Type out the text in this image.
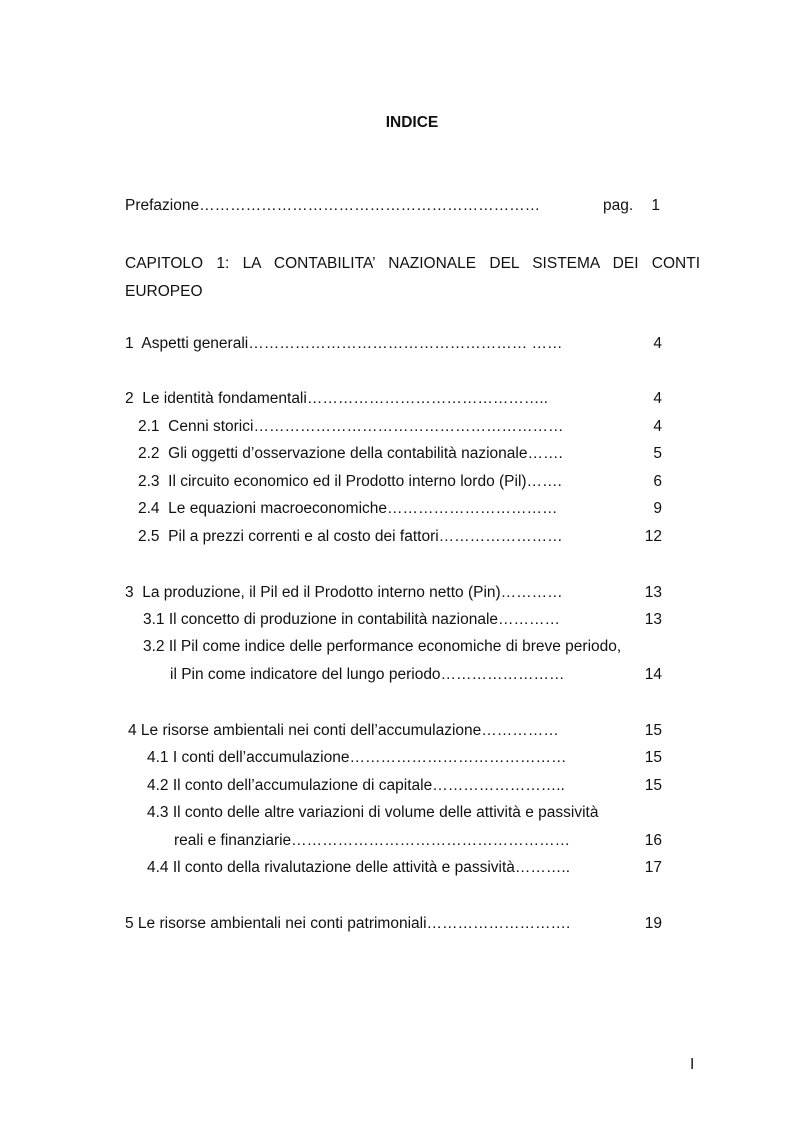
INDICE
Prefazione…………………………………………………………	pag.	1
CAPITOLO 1: LA CONTABILITA’ NAZIONALE DEL SISTEMA DEI CONTI EUROPEO
1  Aspetti generali……………………………………………… ……	4
2  Le identità fondamentali………………………………………..	4
2.1  Cenni storici……………………………………………………	4
2.2  Gli oggetti d’osservazione della contabilità nazionale…….	5
2.3  Il circuito economico ed il Prodotto interno lordo (Pil)…….	6
2.4  Le equazioni macroeconomiche……………………………	9
2.5  Pil a prezzi correnti e al costo dei fattori……………………	12
3  La produzione, il Pil ed il Prodotto interno netto (Pin)…………	13
3.1 Il concetto di produzione in contabilità nazionale…………	13
3.2 Il Pil come indice delle performance economiche di breve periodo,
il Pin come indicatore del lungo periodo……………………	14
4 Le risorse ambientali nei conti dell’accumulazione……………	15
4.1 I conti dell’accumulazione……………………………………	15
4.2 Il conto dell’accumulazione di capitale……………………..	15
4.3 Il conto delle altre variazioni di volume delle attività e passività
reali e finanziarie………………………………………………	16
4.4 Il conto della rivalutazione delle attività e passività………..	17
5 Le risorse ambientali nei conti patrimoniali……………………….	19
I
